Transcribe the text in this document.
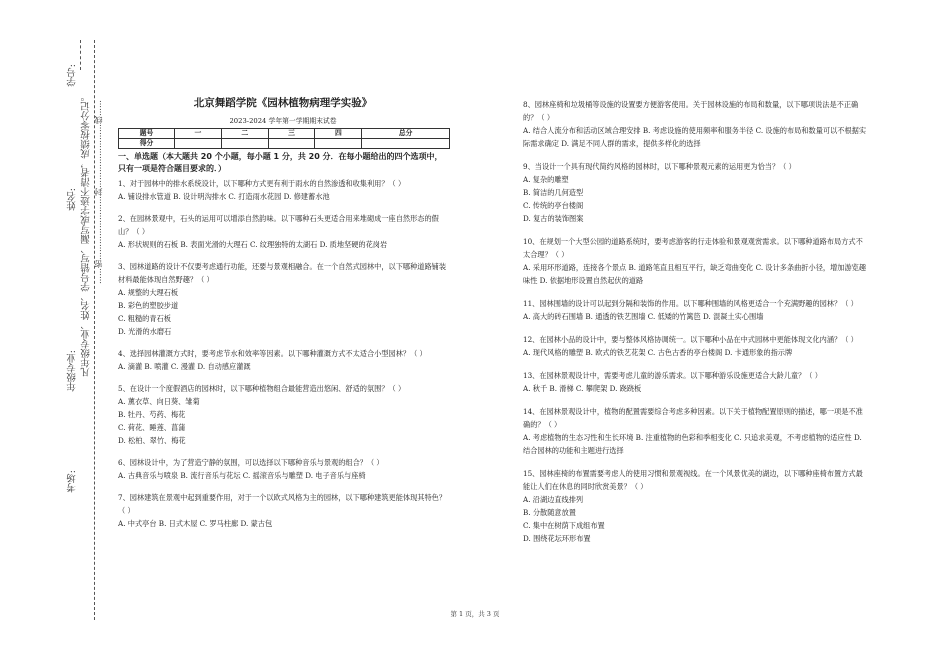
学号:
姓名:
年级专业:
考场:
凡年级专业、姓名、学号错写、漏写或字迹不清者，成绩按零分记。 ……密……………………封……………………线……	北京舞蹈学院《园林植物病理学实验》
2023-2024 学年第一学期期末试卷
题号	一	二	三	四	总分
得分					
一、单选题（本大题共 20 个小题，每小题 1 分，共 20 分．在每小题给出的四个选项中，只有一项是符合题目要求的．）
1、对于园林中的排水系统设计，以下哪种方式更有利于雨水的自然渗透和收集利用？（ ）
A. 铺设排水管道 B. 设计明沟排水 C. 打造雨水花园 D. 修建蓄水池
2、在园林景观中，石头的运用可以增添自然韵味。以下哪种石头更适合用来堆砌成一座自然形态的假山？（ ）
A. 形状规则的石板 B. 表面光滑的大理石 C. 纹理独特的太湖石 D. 质地坚硬的花岗岩
3、园林道路的设计不仅要考虑通行功能，还要与景观相融合。在一个自然式园林中，以下哪种道路铺装材料最能体现自然野趣？（ ）
A. 规整的大理石板
B. 彩色的塑胶步道
C. 粗糙的青石板
D. 光滑的水磨石
4、选择园林灌溉方式时，要考虑节水和效率等因素。以下哪种灌溉方式不太适合小型园林？（ ）
A. 滴灌 B. 喷灌 C. 漫灌 D. 自动感应灌溉
5、在设计一个度假酒店的园林时，以下哪种植物组合最能营造出悠闲、舒适的氛围？（ ）
A. 薰衣草、向日葵、雏菊
B. 牡丹、芍药、梅花
C. 荷花、睡莲、菖蒲
D. 松柏、翠竹、梅花
6、园林设计中，为了营造宁静的氛围，可以选择以下哪种音乐与景观的组合？（ ）
A. 古典音乐与喷泉 B. 流行音乐与花坛 C. 摇滚音乐与雕塑 D. 电子音乐与座椅
7、园林建筑在景观中起到重要作用，对于一个以欧式风格为主的园林，以下哪种建筑更能体现其特色？（ ）
A. 中式亭台 B. 日式木屋 C. 罗马柱廊 D. 蒙古包
8、园林座椅和垃圾桶等设施的设置要方便游客使用。关于园林设施的布局和数量，以下哪项说法是不正确的？（ ）
A. 结合人流分布和活动区域合理安排 B. 考虑设施的使用频率和服务半径 C. 设施的布局和数量可以不根据实际需求确定 D. 满足不同人群的需求，提供多样化的选择
9、当设计一个具有现代简约风格的园林时，以下哪种景观元素的运用更为恰当？（ ）
A. 复杂的雕塑
B. 简洁的几何造型
C. 传统的亭台楼阁
D. 复古的装饰图案
10、在规划一个大型公园的道路系统时，要考虑游客的行走体验和景观观赏需求。以下哪种道路布局方式不太合理？（ ）
A. 采用环形道路，连接各个景点 B. 道路笔直且相互平行，缺乏弯曲变化 C. 设计多条曲折小径，增加游览趣味性 D. 依据地形设置自然起伏的道路
11、园林围墙的设计可以起到分隔和装饰的作用。以下哪种围墙的风格更适合一个充满野趣的园林？（ ）
A. 高大的砖石围墙 B. 通透的铁艺围墙 C. 低矮的竹篱笆 D. 混凝土实心围墙
12、在园林小品的设计中，要与整体风格协调统一。以下哪种小品在中式园林中更能体现文化内涵？（ ）
A. 现代风格的雕塑 B. 欧式的铁艺花架 C. 古色古香的亭台楼阁 D. 卡通形象的指示牌
13、在园林景观设计中，需要考虑儿童的游乐需求。以下哪种游乐设施更适合大龄儿童？（ ）
A. 秋千 B. 滑梯 C. 攀爬架 D. 跷跷板
14、在园林景观设计中，植物的配置需要综合考虑多种因素。以下关于植物配置原则的描述，哪一项是不准确的？（ ）
A. 考虑植物的生态习性和生长环境 B. 注重植物的色彩和季相变化 C. 只追求美观，不考虑植物的适应性 D. 结合园林的功能和主题进行选择
15、园林座椅的布置需要考虑人的使用习惯和景观视线。在一个风景优美的湖边，以下哪种座椅布置方式最能让人们在休息的同时欣赏美景？（ ）
A. 沿湖边直线排列
B. 分散随意放置
C. 集中在树荫下成组布置
D. 围绕花坛环形布置
第 1 页，共 3 页
